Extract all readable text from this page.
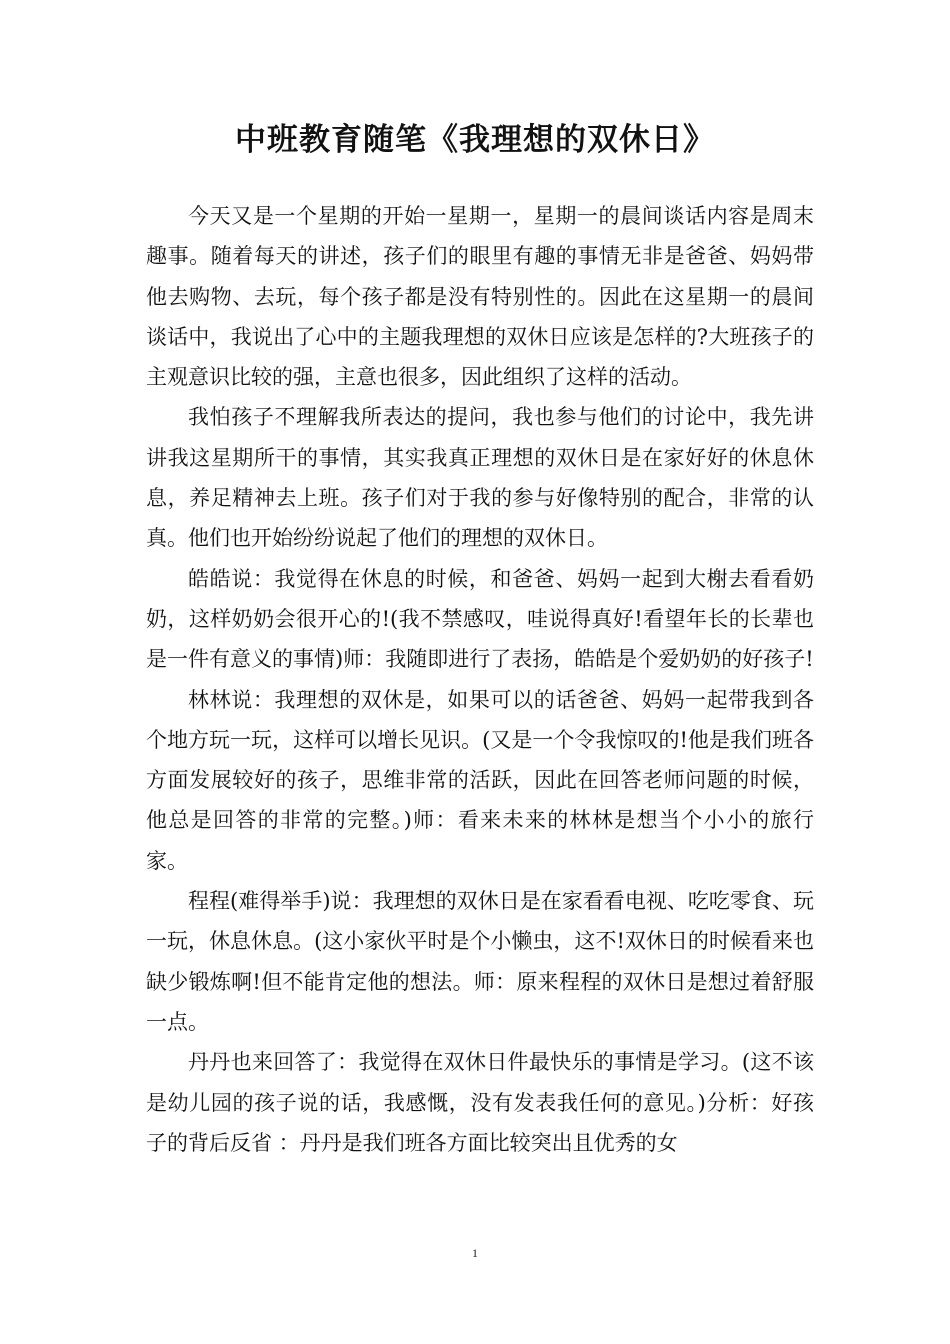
中班教育随笔《我理想的双休日》

今天又是一个星期的开始一星期一，星期一的晨间谈话内容是周末趣事。随着每天的讲述，孩子们的眼里有趣的事情无非是爸爸、妈妈带他去购物、去玩，每个孩子都是没有特别性的。因此在这星期一的晨间谈话中，我说出了心中的主题我理想的双休日应该是怎样的?大班孩子的主观意识比较的强，主意也很多，因此组织了这样的活动。

我怕孩子不理解我所表达的提问，我也参与他们的讨论中，我先讲讲我这星期所干的事情，其实我真正理想的双休日是在家好好的休息休息，养足精神去上班。孩子们对于我的参与好像特别的配合，非常的认真。他们也开始纷纷说起了他们的理想的双休日。

皓皓说：我觉得在休息的时候，和爸爸、妈妈一起到大榭去看看奶奶，这样奶奶会很开心的!(我不禁感叹，哇说得真好!看望年长的长辈也是一件有意义的事情)师：我随即进行了表扬，皓皓是个爱奶奶的好孩子!

林林说：我理想的双休是，如果可以的话爸爸、妈妈一起带我到各个地方玩一玩，这样可以增长见识。(又是一个令我惊叹的!他是我们班各方面发展较好的孩子，思维非常的活跃，因此在回答老师问题的时候，他总是回答的非常的完整。)师：看来未来的林林是想当个小小的旅行家。

程程(难得举手)说：我理想的双休日是在家看看电视、吃吃零食、玩一玩，休息休息。(这小家伙平时是个小懒虫，这不!双休日的时候看来也缺少锻炼啊!但不能肯定他的想法。师：原来程程的双休日是想过着舒服一点。

丹丹也来回答了：我觉得在双休日件最快乐的事情是学习。(这不该是幼儿园的孩子说的话，我感慨，没有发表我任何的意见。)分析：好孩子的背后反省 ：丹丹是我们班各方面比较突出且优秀的女

1
